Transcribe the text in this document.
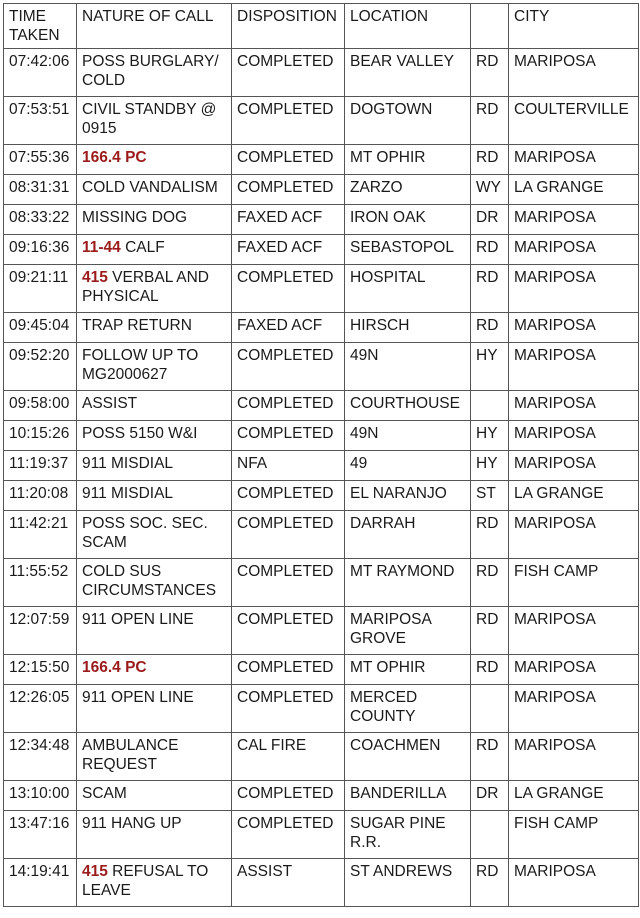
TIME TAKEN	NATURE OF CALL	DISPOSITION	LOCATION		CITY
07:42:06	POSS BURGLARY/ COLD	COMPLETED	BEAR VALLEY	RD	MARIPOSA
07:53:51	CIVIL STANDBY @ 0915	COMPLETED	DOGTOWN	RD	COULTERVILLE
07:55:36	166.4 PC	COMPLETED	MT OPHIR	RD	MARIPOSA
08:31:31	COLD VANDALISM	COMPLETED	ZARZO	WY	LA GRANGE
08:33:22	MISSING DOG	FAXED ACF	IRON OAK	DR	MARIPOSA
09:16:36	11-44 CALF	FAXED ACF	SEBASTOPOL	RD	MARIPOSA
09:21:11	415 VERBAL AND PHYSICAL	COMPLETED	HOSPITAL	RD	MARIPOSA
09:45:04	TRAP RETURN	FAXED ACF	HIRSCH	RD	MARIPOSA
09:52:20	FOLLOW UP TO MG2000627	COMPLETED	49N	HY	MARIPOSA
09:58:00	ASSIST	COMPLETED	COURTHOUSE		MARIPOSA
10:15:26	POSS 5150 W&I	COMPLETED	49N	HY	MARIPOSA
11:19:37	911 MISDIAL	NFA	49	HY	MARIPOSA
11:20:08	911 MISDIAL	COMPLETED	EL NARANJO	ST	LA GRANGE
11:42:21	POSS SOC. SEC. SCAM	COMPLETED	DARRAH	RD	MARIPOSA
11:55:52	COLD SUS CIRCUMSTANCES	COMPLETED	MT RAYMOND	RD	FISH CAMP
12:07:59	911 OPEN LINE	COMPLETED	MARIPOSA GROVE	RD	MARIPOSA
12:15:50	166.4 PC	COMPLETED	MT OPHIR	RD	MARIPOSA
12:26:05	911 OPEN LINE	COMPLETED	MERCED COUNTY		MARIPOSA
12:34:48	AMBULANCE REQUEST	CAL FIRE	COACHMEN	RD	MARIPOSA
13:10:00	SCAM	COMPLETED	BANDERILLA	DR	LA GRANGE
13:47:16	911 HANG UP	COMPLETED	SUGAR PINE R.R.		FISH CAMP
14:19:41	415 REFUSAL TO LEAVE	ASSIST	ST ANDREWS	RD	MARIPOSA
